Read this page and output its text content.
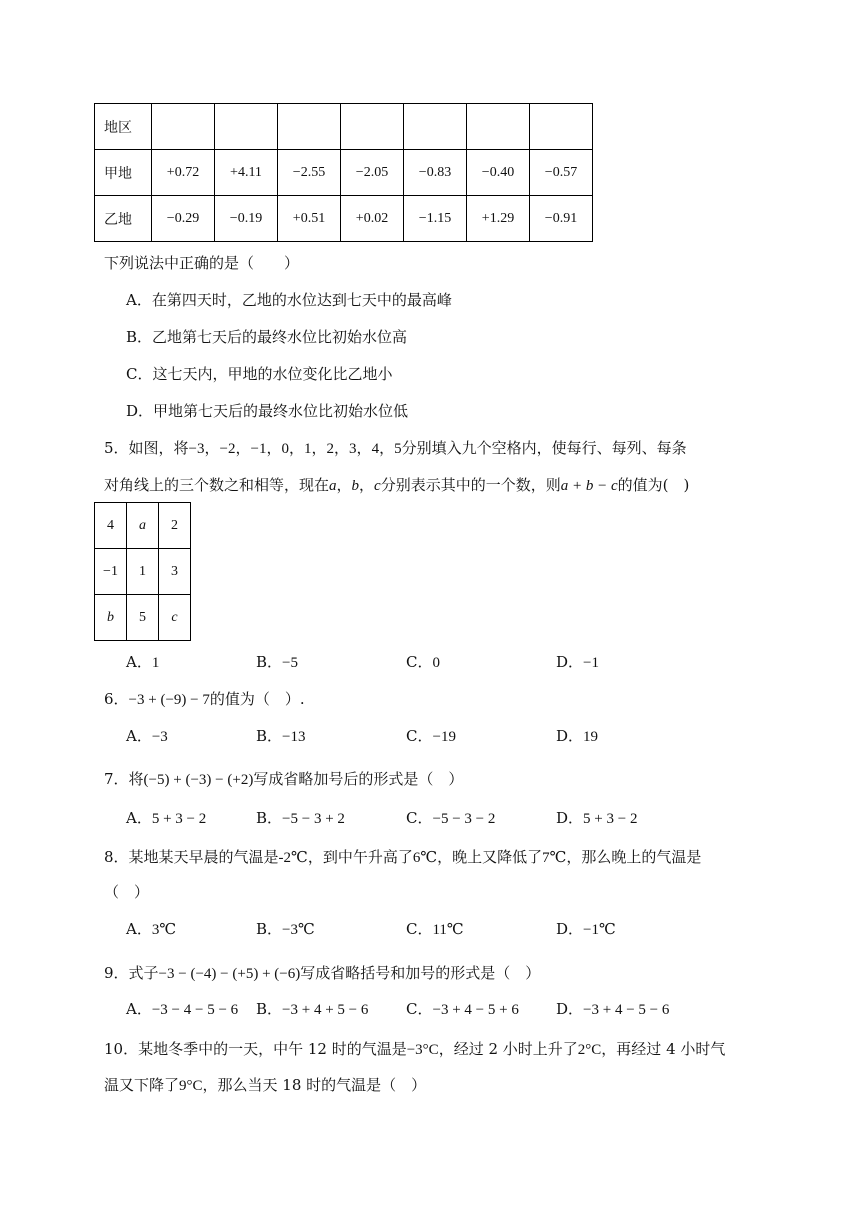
地区							
甲地	+0.72	+4.11	−2.55	−2.05	−0.83	−0.40	−0.57
乙地	−0.29	−0.19	+0.51	+0.02	−1.15	+1.29	−0.91
下列说法中正确的是（　　）
A．在第四天时，乙地的水位达到七天中的最高峰
B．乙地第七天后的最终水位比初始水位高
C．这七天内，甲地的水位变化比乙地小
D．甲地第七天后的最终水位比初始水位低
5．如图，将−3，−2，−1，0，1，2，3，4，5分别填入九个空格内，使每行、每列、每条
对角线上的三个数之和相等，现在a，b，c分别表示其中的一个数，则a + b − c的值为(　)
4	a	2
−1	1	3
b	5	c
A．1	B．−5	C．0	D．−1
6．−3 + (−9) − 7的值为（　）.
A．−3	B．−13	C．−19	D．19
7．将(−5) + (−3) − (+2)写成省略加号后的形式是（　）
A．5 + 3 − 2	B．−5 − 3 + 2	C．−5 − 3 − 2	D．5 + 3 − 2
8．某地某天早晨的气温是-2℃，到中午升高了6℃，晚上又降低了7℃，那么晚上的气温是
（　）
A．3℃	B．−3℃	C．11℃	D．−1℃
9．式子−3 − (−4) − (+5) + (−6)写成省略括号和加号的形式是（　）
A．−3 − 4 − 5 − 6 B．−3 + 4 + 5 − 6	C．−3 + 4 − 5 + 6 D．−3 + 4 − 5 − 6
10．某地冬季中的一天，中午 12 时的气温是−3°C，经过 2 小时上升了2°C，再经过 4 小时气
温又下降了9°C，那么当天 18 时的气温是（　）
